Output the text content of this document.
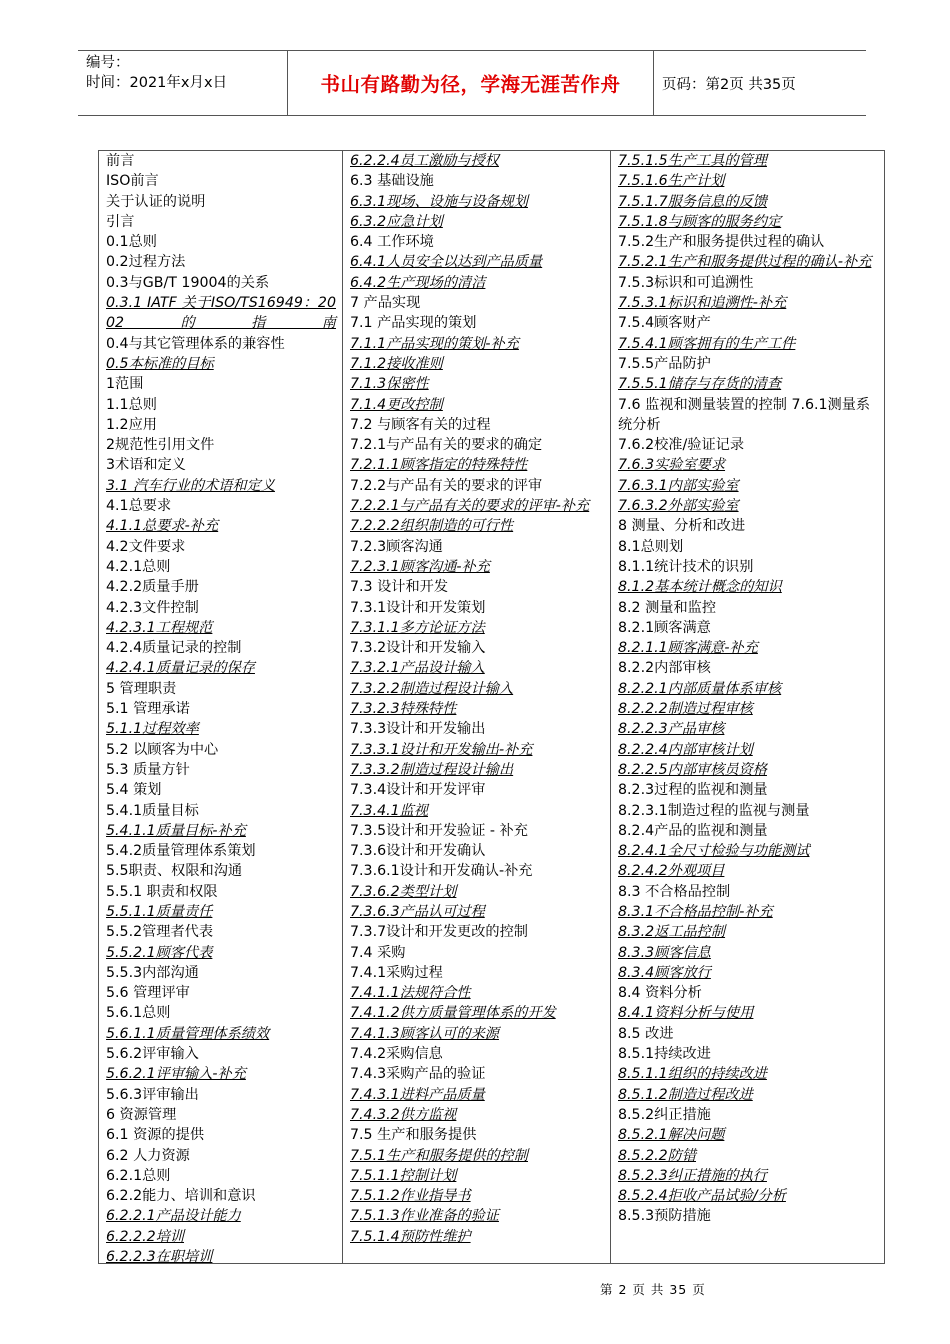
编号：
时间：2021年x月x日	书山有路勤为径，学海无涯苦作舟	页码：第2页 共35页
前言
ISO前言
关于认证的说明
引言
0.1总则
0.2过程方法
0.3与GB/T 19004的关系
0.3.1 IATF 关于ISO/TS16949：2002的指南
0.4与其它管理体系的兼容性
0.5本标准的目标
1范围
1.1总则
1.2应用
2规范性引用文件
3术语和定义
3.1 汽车行业的术语和定义
4.1总要求
4.1.1总要求-补充
4.2文件要求
4.2.1总则
4.2.2质量手册
4.2.3文件控制
4.2.3.1工程规范
4.2.4质量记录的控制
4.2.4.1质量记录的保存
5 管理职责
5.1 管理承诺
5.1.1过程效率
5.2 以顾客为中心
5.3 质量方针
5.4 策划
5.4.1质量目标
5.4.1.1质量目标-补充
5.4.2质量管理体系策划
5.5职责、权限和沟通
5.5.1 职责和权限
5.5.1.1质量责任
5.5.2管理者代表
5.5.2.1顾客代表
5.5.3内部沟通
5.6 管理评审
5.6.1总则
5.6.1.1质量管理体系绩效
5.6.2评审输入
5.6.2.1评审输入-补充
5.6.3评审输出
6 资源管理
6.1 资源的提供
6.2 人力资源
6.2.1总则
6.2.2能力、培训和意识
6.2.2.1产品设计能力
6.2.2.2培训
6.2.2.3在职培训
6.2.2.4员工激励与授权
6.3 基础设施
6.3.1现场、设施与设备规划
6.3.2应急计划
6.4 工作环境
6.4.1人员安全以达到产品质量
6.4.2生产现场的清洁
7 产品实现
7.1 产品实现的策划
7.1.1产品实现的策划-补充
7.1.2接收准则
7.1.3保密性
7.1.4更改控制
7.2 与顾客有关的过程
7.2.1与产品有关的要求的确定
7.2.1.1顾客指定的特殊特性
7.2.2与产品有关的要求的评审
7.2.2.1与产品有关的要求的评审-补充
7.2.2.2组织制造的可行性
7.2.3顾客沟通
7.2.3.1顾客沟通-补充
7.3 设计和开发
7.3.1设计和开发策划
7.3.1.1多方论证方法
7.3.2设计和开发输入
7.3.2.1产品设计输入
7.3.2.2制造过程设计输入
7.3.2.3特殊特性
7.3.3设计和开发输出
7.3.3.1设计和开发输出-补充
7.3.3.2制造过程设计输出
7.3.4设计和开发评审
7.3.4.1监视
7.3.5设计和开发验证 - 补充
7.3.6设计和开发确认
7.3.6.1设计和开发确认-补充
7.3.6.2类型计划
7.3.6.3产品认可过程
7.3.7设计和开发更改的控制
7.4 采购
7.4.1采购过程
7.4.1.1法规符合性
7.4.1.2供方质量管理体系的开发
7.4.1.3顾客认可的来源
7.4.2采购信息
7.4.3采购产品的验证
7.4.3.1进料产品质量
7.4.3.2供方监视
7.5 生产和服务提供
7.5.1生产和服务提供的控制
7.5.1.1控制计划
7.5.1.2作业指导书
7.5.1.3作业准备的验证
7.5.1.4预防性维护
7.5.1.5生产工具的管理
7.5.1.6生产计划
7.5.1.7服务信息的反馈
7.5.1.8与顾客的服务约定
7.5.2生产和服务提供过程的确认
7.5.2.1生产和服务提供过程的确认-补充
7.5.3标识和可追溯性
7.5.3.1标识和追溯性-补充
7.5.4顾客财产
7.5.4.1顾客拥有的生产工件
7.5.5产品防护
7.5.5.1储存与存货的清查
7.6 监视和测量装置的控制 7.6.1测量系统分析
7.6.2校准/验证记录
7.6.3实验室要求
7.6.3.1内部实验室
7.6.3.2外部实验室
8 测量、分析和改进
8.1总则划
8.1.1统计技术的识别
8.1.2基本统计概念的知识
8.2 测量和监控
8.2.1顾客满意
8.2.1.1顾客满意-补充
8.2.2内部审核
8.2.2.1内部质量体系审核
8.2.2.2制造过程审核
8.2.2.3产品审核
8.2.2.4内部审核计划
8.2.2.5内部审核员资格
8.2.3过程的监视和测量
8.2.3.1制造过程的监视与测量
8.2.4产品的监视和测量
8.2.4.1全尺寸检验与功能测试
8.2.4.2外观项目
8.3 不合格品控制
8.3.1不合格品控制-补充
8.3.2返工品控制
8.3.3顾客信息
8.3.4顾客放行
8.4 资料分析
8.4.1资料分析与使用
8.5 改进
8.5.1持续改进
8.5.1.1组织的持续改进
8.5.1.2制造过程改进
8.5.2纠正措施
8.5.2.1解决问题
8.5.2.2防错
8.5.2.3纠正措施的执行
8.5.2.4拒收产品试验/分析
8.5.3预防措施
第 2 页 共 35 页
